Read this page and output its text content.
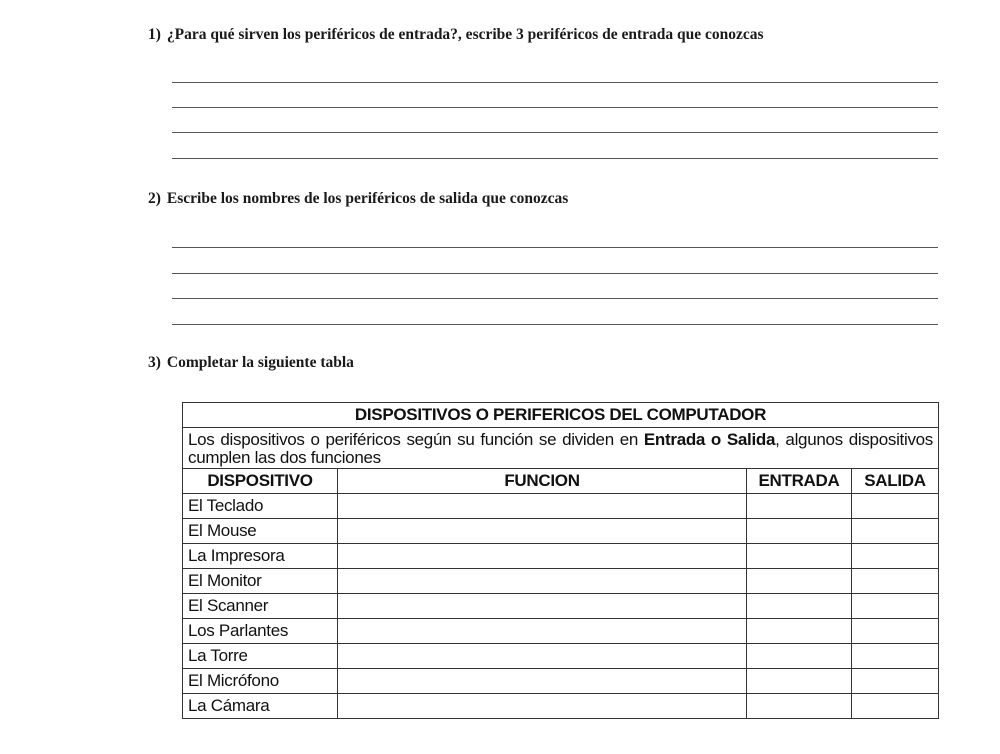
1) ¿Para qué sirven los periféricos de entrada?, escribe 3 periféricos de entrada que conozcas
2) Escribe los nombres de los periféricos de salida que conozcas
3) Completar la siguiente tabla
DISPOSITIVOS O PERIFERICOS DEL COMPUTADOR			
Los dispositivos o periféricos según su función se dividen en Entrada o Salida, algunos dispositivos cumplen las dos funciones			
DISPOSITIVO	FUNCION	ENTRADA	SALIDA
El Teclado			
El Mouse			
La Impresora			
El Monitor			
El Scanner			
Los Parlantes			
La Torre			
El Micrófono			
La Cámara			
